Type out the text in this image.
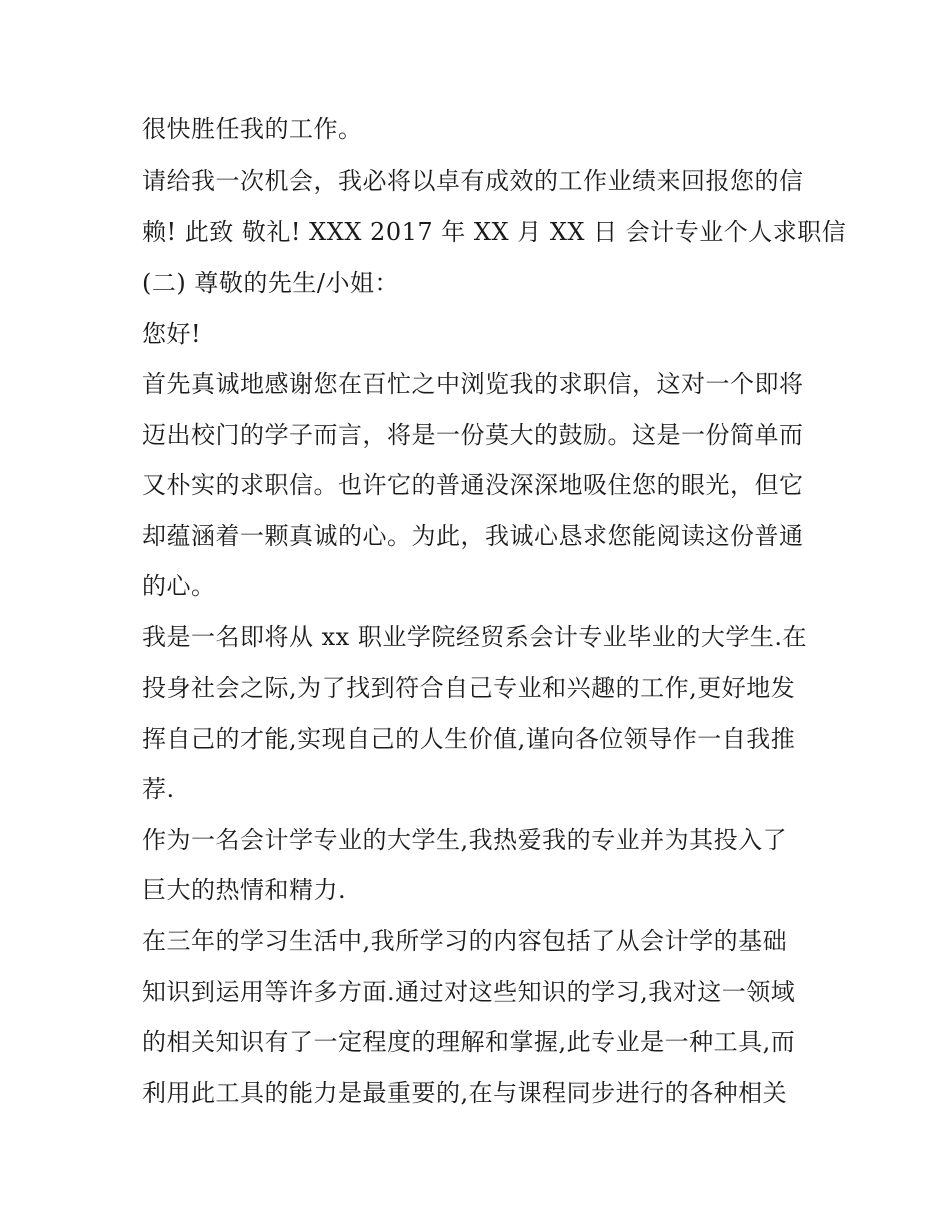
很快胜任我的工作。

请给我一次机会，我必将以卓有成效的工作业绩来回报您的信

赖! 此致 敬礼! XXX 2017 年 XX 月 XX 日 会计专业个人求职信

(二) 尊敬的先生/小姐：

您好!

首先真诚地感谢您在百忙之中浏览我的求职信，这对一个即将

迈出校门的学子而言，将是一份莫大的鼓励。这是一份简单而

又朴实的求职信。也许它的普通没深深地吸住您的眼光，但它

却蕴涵着一颗真诚的心。为此，我诚心恳求您能阅读这份普通

的心。

我是一名即将从 xx 职业学院经贸系会计专业毕业的大学生.在

投身社会之际,为了找到符合自己专业和兴趣的工作,更好地发

挥自己的才能,实现自己的人生价值,谨向各位领导作一自我推

荐.

作为一名会计学专业的大学生,我热爱我的专业并为其投入了

巨大的热情和精力.

在三年的学习生活中,我所学习的内容包括了从会计学的基础

知识到运用等许多方面.通过对这些知识的学习,我对这一领域

的相关知识有了一定程度的理解和掌握,此专业是一种工具,而

利用此工具的能力是最重要的,在与课程同步进行的各种相关
